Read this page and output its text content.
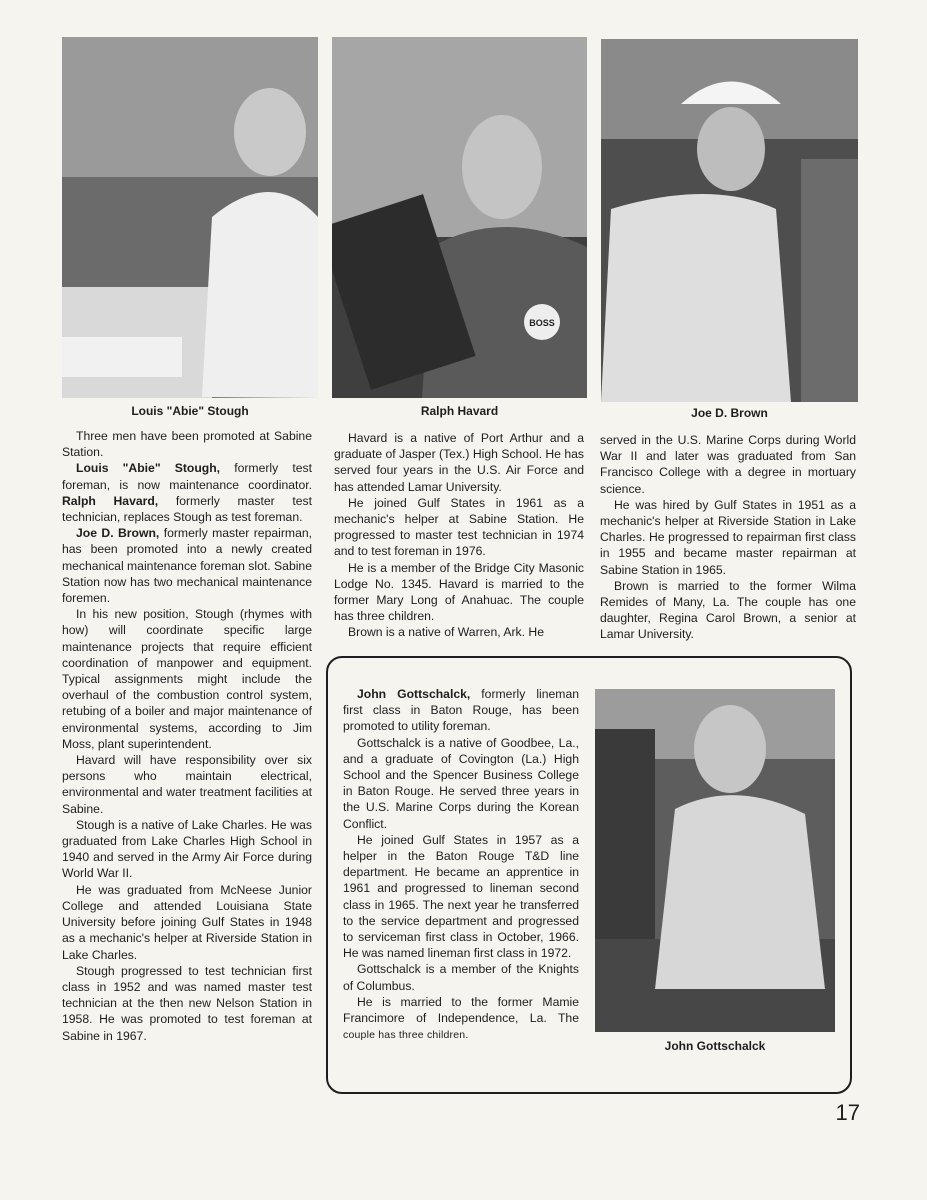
Louis "Abie" Stough

BOSS

Ralph Havard	Joe D. Brown

Three men have been promoted at Sabine Station.

Louis "Abie" Stough, formerly test foreman, is now maintenance coordinator. Ralph Havard, formerly master test technician, replaces Stough as test foreman.

Joe D. Brown, formerly master repairman, has been promoted into a newly created mechanical maintenance foreman slot. Sabine Station now has two mechanical maintenance foremen.

In his new position, Stough (rhymes with how) will coordinate specific large maintenance projects that require efficient coordination of manpower and equipment. Typical assignments might include the overhaul of the combustion control system, retubing of a boiler and major maintenance of environmental systems, according to Jim Moss, plant superintendent.

Havard will have responsibility over six persons who maintain electrical, environmental and water treatment facilities at Sabine.

Stough is a native of Lake Charles. He was graduated from Lake Charles High School in 1940 and served in the Army Air Force during World War II.

He was graduated from McNeese Junior College and attended Louisiana State University before joining Gulf States in 1948 as a mechanic's helper at Riverside Station in Lake Charles.

Stough progressed to test technician first class in 1952 and was named master test technician at the then new Nelson Station in 1958. He was promoted to test foreman at Sabine in 1967.

Havard is a native of Port Arthur and a graduate of Jasper (Tex.) High School. He has served four years in the U.S. Air Force and has attended Lamar University.

He joined Gulf States in 1961 as a mechanic's helper at Sabine Station. He progressed to master test technician in 1974 and to test foreman in 1976.

He is a member of the Bridge City Masonic Lodge No. 1345. Havard is married to the former Mary Long of Anahuac. The couple has three children.

Brown is a native of Warren, Ark. He

served in the U.S. Marine Corps during World War II and later was graduated from San Francisco College with a degree in mortuary science.

He was hired by Gulf States in 1951 as a mechanic's helper at Riverside Station in Lake Charles. He progressed to repairman first class in 1955 and became master repairman at Sabine Station in 1965.

Brown is married to the former Wilma Remides of Many, La. The couple has one daughter, Regina Carol Brown, a senior at Lamar University.

John Gottschalck, formerly lineman first class in Baton Rouge, has been promoted to utility foreman.

Gottschalck is a native of Goodbee, La., and a graduate of Covington (La.) High School and the Spencer Business College in Baton Rouge. He served three years in the U.S. Marine Corps during the Korean Conflict.

He joined Gulf States in 1957 as a helper in the Baton Rouge T&D line department. He became an apprentice in 1961 and progressed to lineman second class in 1965. The next year he transferred to the service department and progressed to serviceman first class in October, 1966. He was named lineman first class in 1972.

Gottschalck is a member of the Knights of Columbus.

He is married to the former Mamie Francimore of Independence, La. The couple has three children.

John Gottschalck

17
